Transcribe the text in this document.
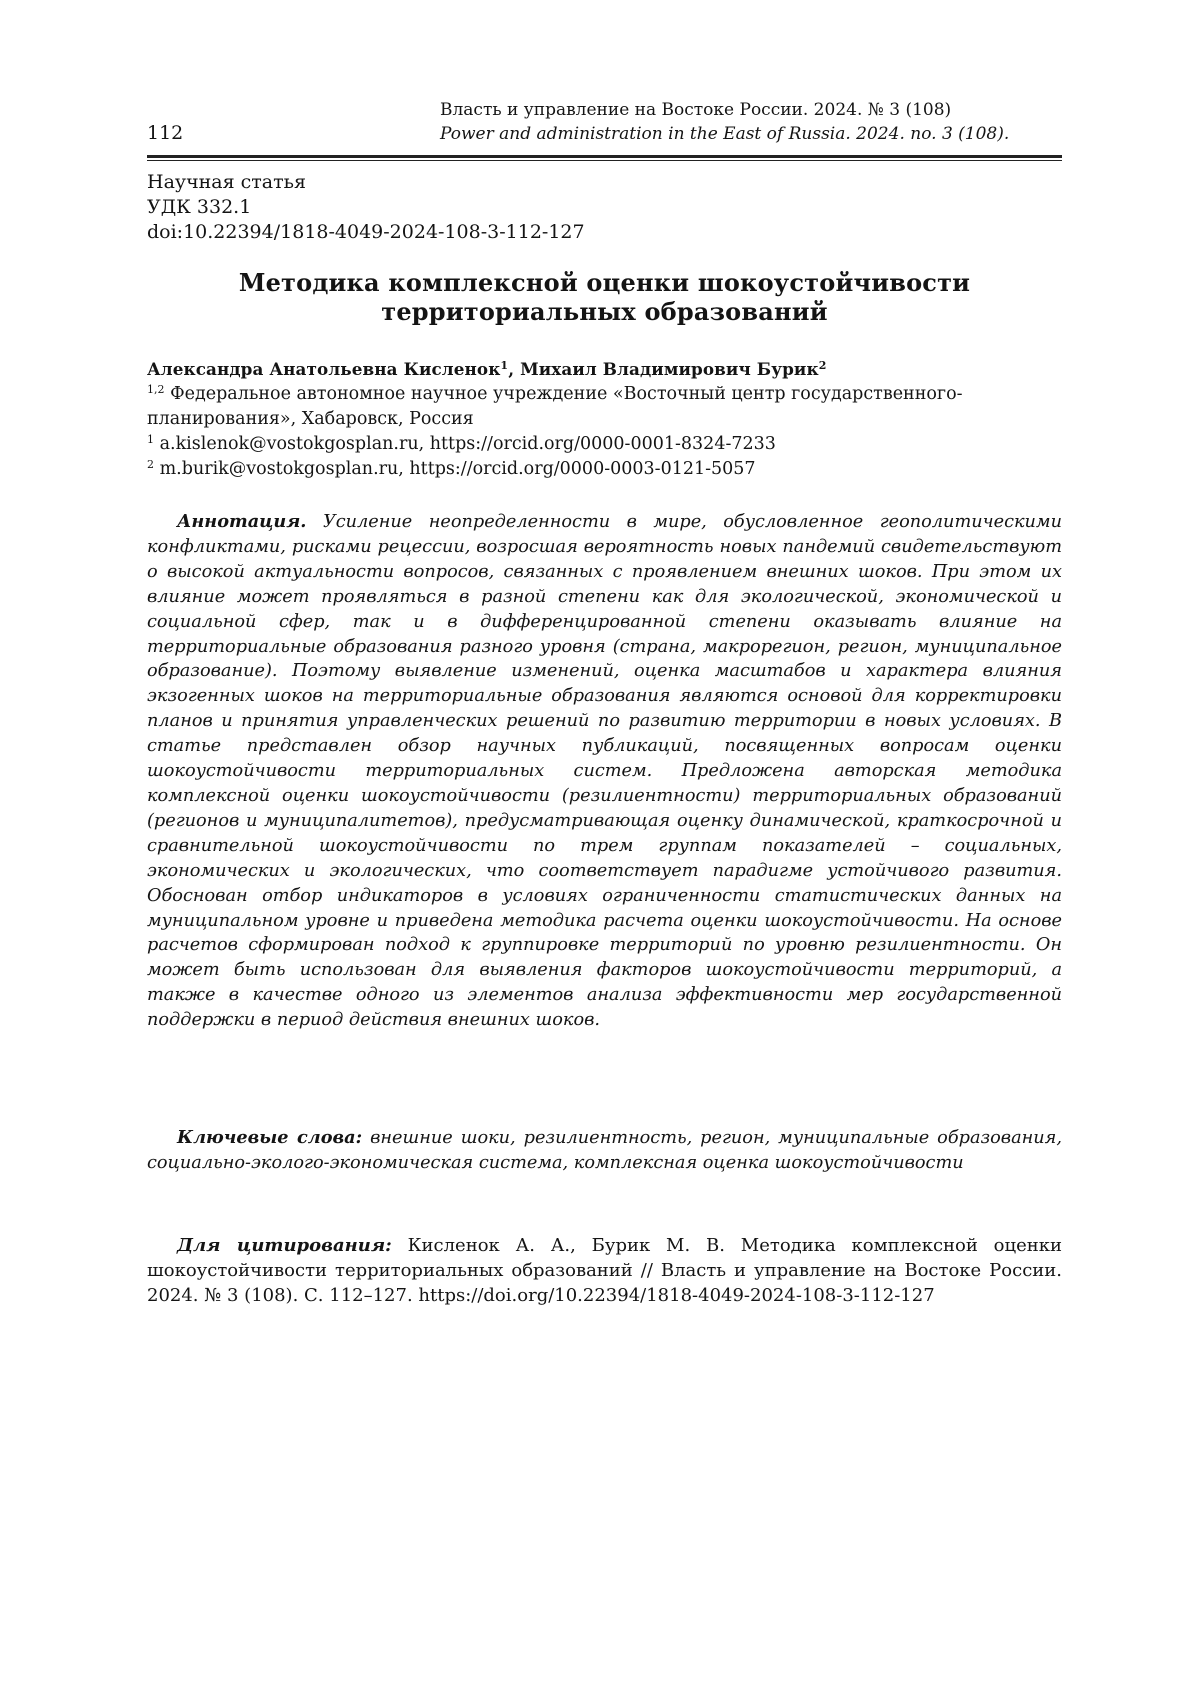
112
Власть и управление на Востоке России. 2024. № 3 (108)
Power and administration in the East of Russia. 2024. no. 3 (108).
Научная статья
УДК 332.1
doi:10.22394/1818-4049-2024-108-3-112-127
Методика комплексной оценки шокоустойчивости
территориальных образований
Александра Анатольевна Кисленок$^1$, Михаил Владимирович Бурик$^2$
$^{1,2}$ Федеральное автономное научное учреждение «Восточный центр государственного-планирования», Хабаровск, Россия
$^1$ a.kislenok@vostokgosplan.ru, https://orcid.org/0000-0001-8324-7233
$^2$ m.burik@vostokgosplan.ru, https://orcid.org/0000-0003-0121-5057

Аннотация. Усиление неопределенности в мире, обусловленное геополитическими конфликтами, рисками рецессии, возросшая вероятность новых пандемий свидетельствуют о высокой актуальности вопросов, связанных с проявлением внешних шоков. При этом их влияние может проявляться в разной степени как для экологической, экономической и социальной сфер, так и в дифференцированной степени оказывать влияние на территориальные образования разного уровня (страна, макрорегион, регион, муниципальное образование). Поэтому выявление изменений, оценка масштабов и характера влияния экзогенных шоков на территориальные образования являются основой для корректировки планов и принятия управленческих решений по развитию территории в новых условиях. В статье представлен обзор научных публикаций, посвященных вопросам оценки шокоустойчивости территориальных систем. Предложена авторская методика комплексной оценки шокоустойчивости (резилиентности) территориальных образований (регионов и муниципалитетов), предусматривающая оценку динамической, краткосрочной и сравнительной шокоустойчивости по трем группам показателей – социальных, экономических и экологических, что соответствует парадигме устойчивого развития. Обоснован отбор индикаторов в условиях ограниченности статистических данных на муниципальном уровне и приведена методика расчета оценки шокоустойчивости. На основе расчетов сформирован подход к группировке территорий по уровню резилиентности. Он может быть использован для выявления факторов шокоустойчивости территорий, а также в качестве одного из элементов анализа эффективности мер государственной поддержки в период действия внешних шоков.

Ключевые слова: внешние шоки, резилиентность, регион, муниципальные образования, социально-эколого-экономическая система, комплексная оценка шокоустойчивости

Для цитирования: Кисленок А. А., Бурик М. В. Методика комплексной оценки шокоустойчивости территориальных образований // Власть и управление на Востоке России. 2024. № 3 (108). С. 112–127. https://doi.org/10.22394/1818-4049-2024-108-3-112-127
